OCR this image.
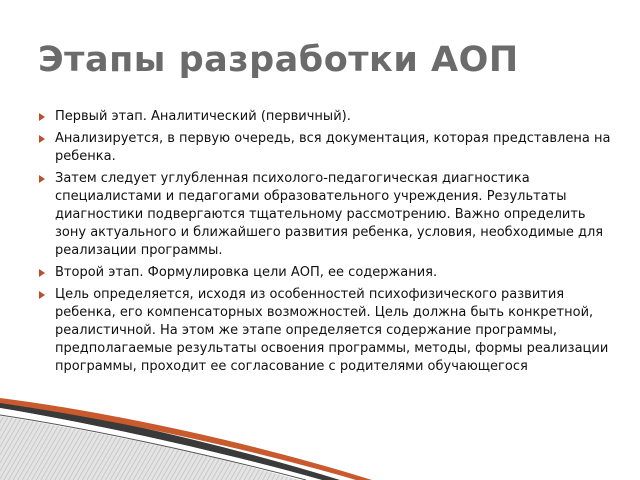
Этапы разработки АОП
Первый этап. Аналитический (первичный).
Анализируется, в первую очередь, вся документация, которая представлена на ребенка.
Затем следует углубленная психолого-педагогическая диагностика специалистами и педагогами образовательного учреждения. Результаты диагностики подвергаются тщательному рассмотрению. Важно определить зону актуального и ближайшего развития ребенка, условия, необходимые для реализации программы.
Второй этап. Формулировка цели АОП, ее содержания.
Цель определяется, исходя из особенностей психофизического развития ребенка, его компенсаторных возможностей. Цель должна быть конкретной, реалистичной. На этом же этапе определяется содержание программы, предполагаемые результаты освоения программы, методы, формы реализации программы, проходит ее согласование с родителями обучающегося
